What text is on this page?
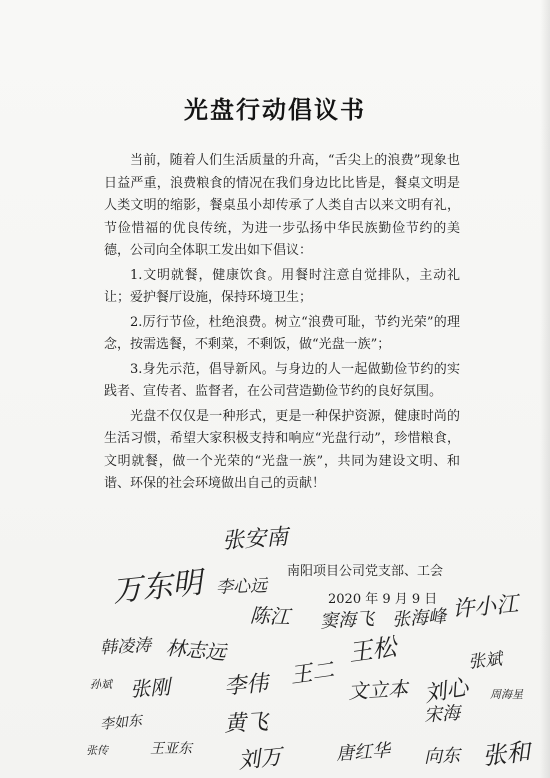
光盘行动倡议书

当前，随着人们生活质量的升高，“舌尖上的浪费”现象也日益严重，浪费粮食的情况在我们身边比比皆是，餐桌文明是人类文明的缩影，餐桌虽小却传承了人类自古以来文明有礼，节俭惜福的优良传统，为进一步弘扬中华民族勤俭节约的美德，公司向全体职工发出如下倡议：

1.文明就餐，健康饮食。用餐时注意自觉排队，主动礼让；爱护餐厅设施，保持环境卫生；

2.厉行节俭，杜绝浪费。树立“浪费可耻，节约光荣”的理念，按需选餐，不剩菜，不剩饭，做“光盘一族”；

3.身先示范，倡导新风。与身边的人一起做勤俭节约的实践者、宣传者、监督者，在公司营造勤俭节约的良好氛围。

光盘不仅仅是一种形式，更是一种保护资源，健康时尚的生活习惯，希望大家积极支持和响应“光盘行动”，珍惜粮食，文明就餐，做一个光荣的“光盘一族”，共同为建设文明、和谐、环保的社会环境做出自己的贡献！

南阳项目公司党支部、工会
2020 年 9 月 9 日
张安南
万东明 李心远
陈江 窦海飞 张海峰 许小江
韩凌涛 林志远	王松	张斌
孙斌 张刚 李伟 王二
文立本 刘心 周海星
李如东	黄飞	宋海
张传	王亚东 刘万	唐红华 向东 张和
